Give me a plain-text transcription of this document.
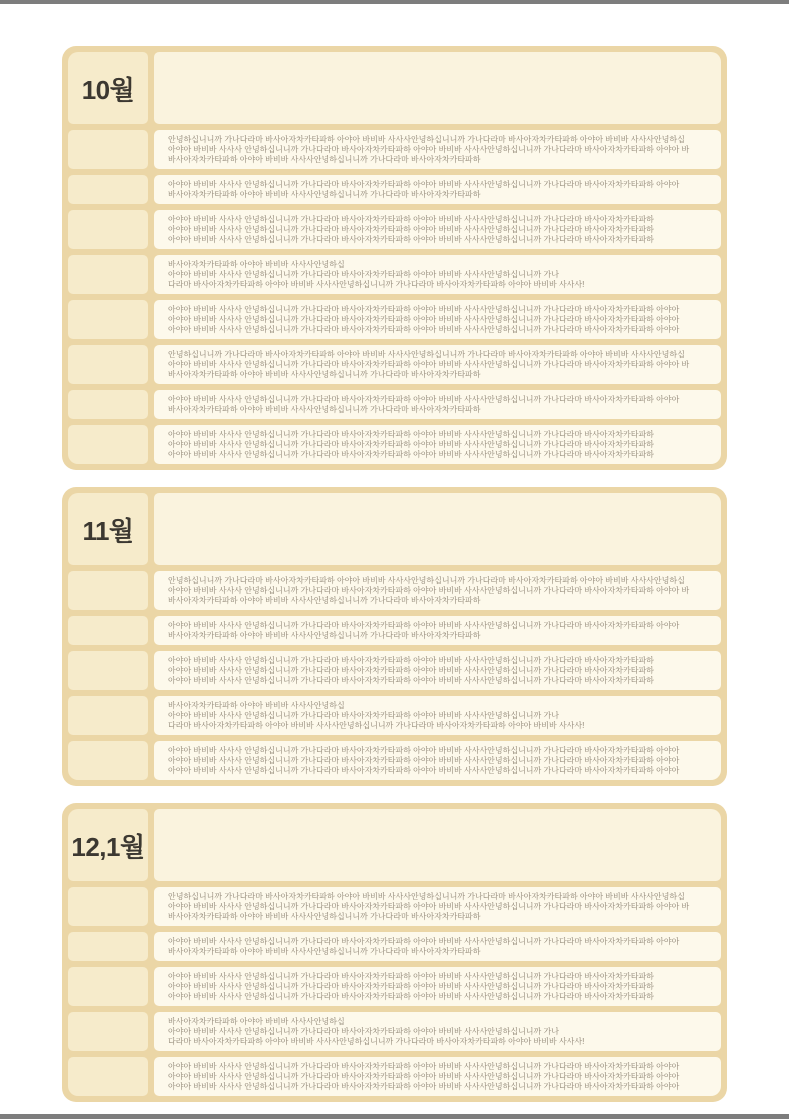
10월
안녕하십니니까 가나다라마 바사아자차카타파하 아야아 바비바 사사사안녕하십니니까 가나다라마 바사아자차카타파하 아야아 바비바 사사사안녕하십
아야아 바비바 사사사 안녕하십니니까 가나다라마 바사아자차카타파하 아야아 바비바 사사사안녕하십니니까 가나다라마 바사아자차카타파하 아야아 바
바사아자차카타파하 아야아 바비바 사사사안녕하십니니까 가나다라마 바사아자차카타파하
아야아 바비바 사사사 안녕하십니니까 가나다라마 바사아자차카타파하 아야아 바비바 사사사안녕하십니니까 가나다라마 바사아자차카타파하 아야아
바사아자차카타파하 아야아 바비바 사사사안녕하십니니까 가나다라마 바사아자차카타파하
아야아 바비바 사사사 안녕하십니니까 가나다라마 바사아자차카타파하 아야아 바비바 사사사안녕하십니니까 가나다라마 바사아자차카타파하
아야아 바비바 사사사 안녕하십니니까 가나다라마 바사아자차카타파하 아야아 바비바 사사사안녕하십니니까 가나다라마 바사아자차카타파하
아야아 바비바 사사사 안녕하십니니까 가나다라마 바사아자차카타파하 아야아 바비바 사사사안녕하십니니까 가나다라마 바사아자차카타파하
바사아자차카타파하 아야아 바비바 사사사안녕하십
아야아 바비바 사사사 안녕하십니니까 가나다라마 바사아자차카타파하 아야아 바비바 사사사안녕하십니니까 가나
다라마 바사아자차카타파하 아야아 바비바 사사사안녕하십니니까 가나다라마 바사아자차카타파하 아야아 바비바 사사사!
아야아 바비바 사사사 안녕하십니니까 가나다라마 바사아자차카타파하 아야아 바비바 사사사안녕하십니니까 가나다라마 바사아자차카타파하 아야아
아야아 바비바 사사사 안녕하십니니까 가나다라마 바사아자차카타파하 아야아 바비바 사사사안녕하십니니까 가나다라마 바사아자차카타파하 아야아
아야아 바비바 사사사 안녕하십니니까 가나다라마 바사아자차카타파하 아야아 바비바 사사사안녕하십니니까 가나다라마 바사아자차카타파하 아야아
안녕하십니니까 가나다라마 바사아자차카타파하 아야아 바비바 사사사안녕하십니니까 가나다라마 바사아자차카타파하 아야아 바비바 사사사안녕하십
아야아 바비바 사사사 안녕하십니니까 가나다라마 바사아자차카타파하 아야아 바비바 사사사안녕하십니니까 가나다라마 바사아자차카타파하 아야아 바
바사아자차카타파하 아야아 바비바 사사사안녕하십니니까 가나다라마 바사아자차카타파하
아야아 바비바 사사사 안녕하십니니까 가나다라마 바사아자차카타파하 아야아 바비바 사사사안녕하십니니까 가나다라마 바사아자차카타파하 아야아
바사아자차카타파하 아야아 바비바 사사사안녕하십니니까 가나다라마 바사아자차카타파하
아야아 바비바 사사사 안녕하십니니까 가나다라마 바사아자차카타파하 아야아 바비바 사사사안녕하십니니까 가나다라마 바사아자차카타파하
아야아 바비바 사사사 안녕하십니니까 가나다라마 바사아자차카타파하 아야아 바비바 사사사안녕하십니니까 가나다라마 바사아자차카타파하
아야아 바비바 사사사 안녕하십니니까 가나다라마 바사아자차카타파하 아야아 바비바 사사사안녕하십니니까 가나다라마 바사아자차카타파하
11월
안녕하십니니까 가나다라마 바사아자차카타파하 아야아 바비바 사사사안녕하십니니까 가나다라마 바사아자차카타파하 아야아 바비바 사사사안녕하십
아야아 바비바 사사사 안녕하십니니까 가나다라마 바사아자차카타파하 아야아 바비바 사사사안녕하십니니까 가나다라마 바사아자차카타파하 아야아 바
바사아자차카타파하 아야아 바비바 사사사안녕하십니니까 가나다라마 바사아자차카타파하
아야아 바비바 사사사 안녕하십니니까 가나다라마 바사아자차카타파하 아야아 바비바 사사사안녕하십니니까 가나다라마 바사아자차카타파하 아야아
바사아자차카타파하 아야아 바비바 사사사안녕하십니니까 가나다라마 바사아자차카타파하
아야아 바비바 사사사 안녕하십니니까 가나다라마 바사아자차카타파하 아야아 바비바 사사사안녕하십니니까 가나다라마 바사아자차카타파하
아야아 바비바 사사사 안녕하십니니까 가나다라마 바사아자차카타파하 아야아 바비바 사사사안녕하십니니까 가나다라마 바사아자차카타파하
아야아 바비바 사사사 안녕하십니니까 가나다라마 바사아자차카타파하 아야아 바비바 사사사안녕하십니니까 가나다라마 바사아자차카타파하
바사아자차카타파하 아야아 바비바 사사사안녕하십
아야아 바비바 사사사 안녕하십니니까 가나다라마 바사아자차카타파하 아야아 바비바 사사사안녕하십니니까 가나
다라마 바사아자차카타파하 아야아 바비바 사사사안녕하십니니까 가나다라마 바사아자차카타파하 아야아 바비바 사사사!
아야아 바비바 사사사 안녕하십니니까 가나다라마 바사아자차카타파하 아야아 바비바 사사사안녕하십니니까 가나다라마 바사아자차카타파하 아야아
아야아 바비바 사사사 안녕하십니니까 가나다라마 바사아자차카타파하 아야아 바비바 사사사안녕하십니니까 가나다라마 바사아자차카타파하 아야아
아야아 바비바 사사사 안녕하십니니까 가나다라마 바사아자차카타파하 아야아 바비바 사사사안녕하십니니까 가나다라마 바사아자차카타파하 아야아
12,1월
안녕하십니니까 가나다라마 바사아자차카타파하 아야아 바비바 사사사안녕하십니니까 가나다라마 바사아자차카타파하 아야아 바비바 사사사안녕하십
아야아 바비바 사사사 안녕하십니니까 가나다라마 바사아자차카타파하 아야아 바비바 사사사안녕하십니니까 가나다라마 바사아자차카타파하 아야아 바
바사아자차카타파하 아야아 바비바 사사사안녕하십니니까 가나다라마 바사아자차카타파하
아야아 바비바 사사사 안녕하십니니까 가나다라마 바사아자차카타파하 아야아 바비바 사사사안녕하십니니까 가나다라마 바사아자차카타파하 아야아
바사아자차카타파하 아야아 바비바 사사사안녕하십니니까 가나다라마 바사아자차카타파하
아야아 바비바 사사사 안녕하십니니까 가나다라마 바사아자차카타파하 아야아 바비바 사사사안녕하십니니까 가나다라마 바사아자차카타파하
아야아 바비바 사사사 안녕하십니니까 가나다라마 바사아자차카타파하 아야아 바비바 사사사안녕하십니니까 가나다라마 바사아자차카타파하
아야아 바비바 사사사 안녕하십니니까 가나다라마 바사아자차카타파하 아야아 바비바 사사사안녕하십니니까 가나다라마 바사아자차카타파하
바사아자차카타파하 아야아 바비바 사사사안녕하십
아야아 바비바 사사사 안녕하십니니까 가나다라마 바사아자차카타파하 아야아 바비바 사사사안녕하십니니까 가나
다라마 바사아자차카타파하 아야아 바비바 사사사안녕하십니니까 가나다라마 바사아자차카타파하 아야아 바비바 사사사!
아야아 바비바 사사사 안녕하십니니까 가나다라마 바사아자차카타파하 아야아 바비바 사사사안녕하십니니까 가나다라마 바사아자차카타파하 아야아
아야아 바비바 사사사 안녕하십니니까 가나다라마 바사아자차카타파하 아야아 바비바 사사사안녕하십니니까 가나다라마 바사아자차카타파하 아야아
아야아 바비바 사사사 안녕하십니니까 가나다라마 바사아자차카타파하 아야아 바비바 사사사안녕하십니니까 가나다라마 바사아자차카타파하 아야아
